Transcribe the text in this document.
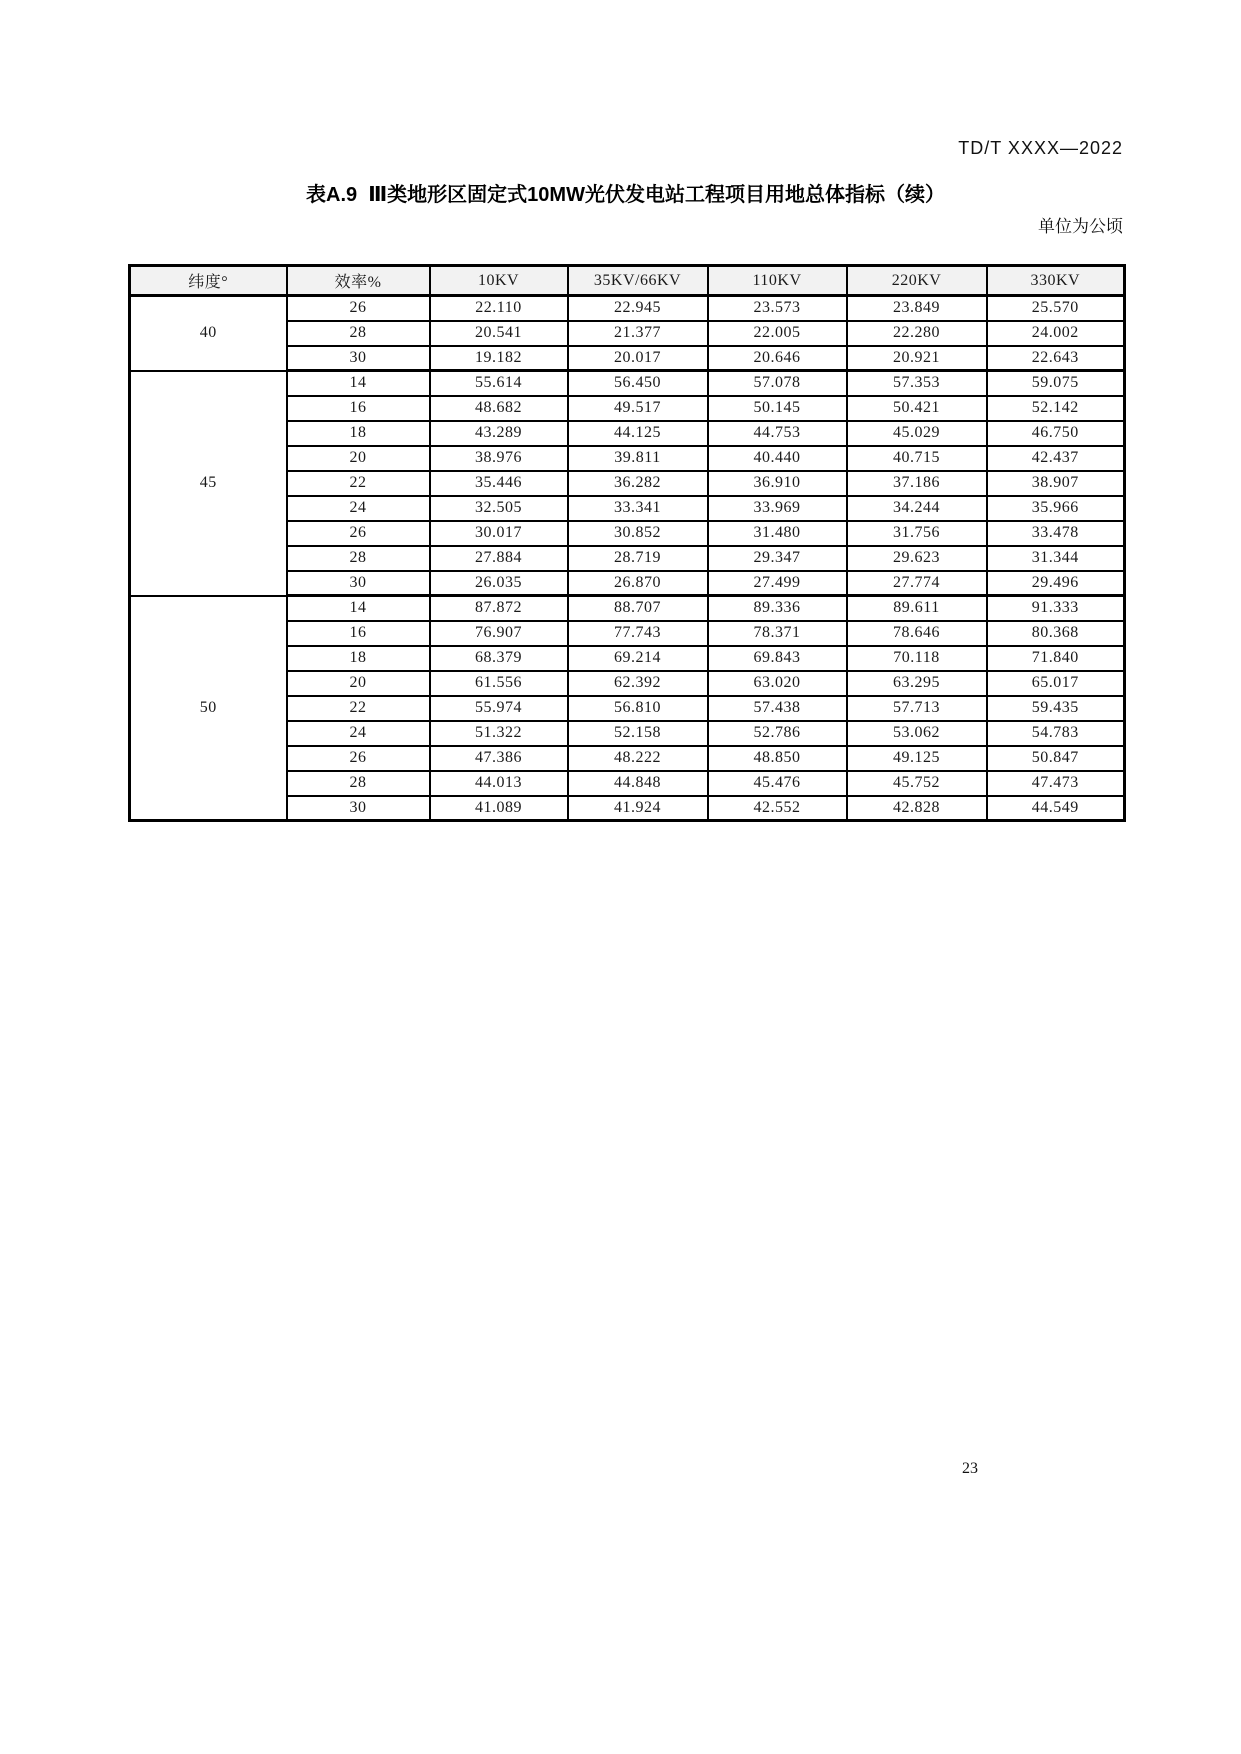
TD/T XXXX—2022
表A.9  Ⅲ类地形区固定式10MW光伏发电站工程项目用地总体指标（续）
单位为公顷
纬度°	效率%	10KV	35KV/66KV	110KV	220KV	330KV
40	26	22.110	22.945	23.573	23.849	25.570
	28	20.541	21.377	22.005	22.280	24.002
	30	19.182	20.017	20.646	20.921	22.643
45	14	55.614	56.450	57.078	57.353	59.075
	16	48.682	49.517	50.145	50.421	52.142
	18	43.289	44.125	44.753	45.029	46.750
	20	38.976	39.811	40.440	40.715	42.437
	22	35.446	36.282	36.910	37.186	38.907
	24	32.505	33.341	33.969	34.244	35.966
	26	30.017	30.852	31.480	31.756	33.478
	28	27.884	28.719	29.347	29.623	31.344
	30	26.035	26.870	27.499	27.774	29.496
50	14	87.872	88.707	89.336	89.611	91.333
	16	76.907	77.743	78.371	78.646	80.368
	18	68.379	69.214	69.843	70.118	71.840
	20	61.556	62.392	63.020	63.295	65.017
	22	55.974	56.810	57.438	57.713	59.435
	24	51.322	52.158	52.786	53.062	54.783
	26	47.386	48.222	48.850	49.125	50.847
	28	44.013	44.848	45.476	45.752	47.473
	30	41.089	41.924	42.552	42.828	44.549
23
